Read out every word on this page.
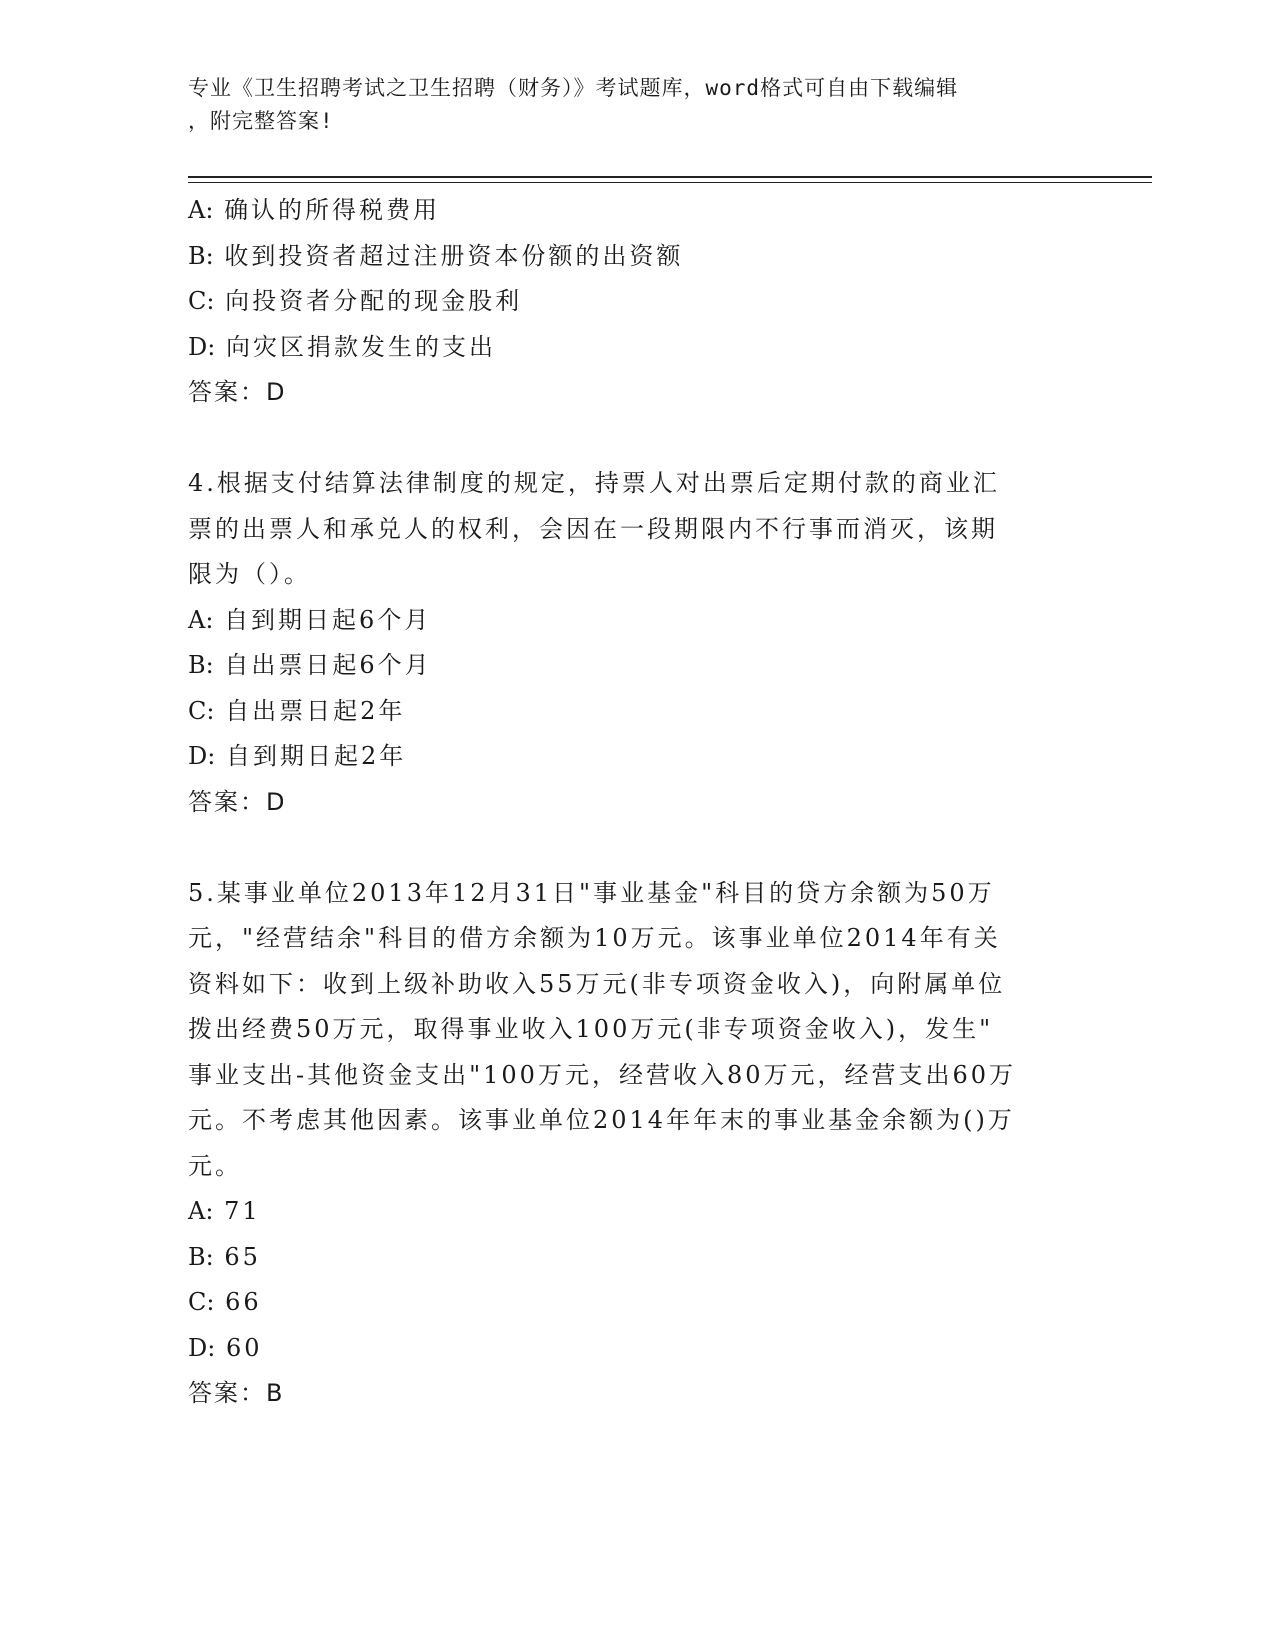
专业《卫生招聘考试之卫生招聘（财务）》考试题库，word格式可自由下载编辑
，附完整答案!
A: 确认的所得税费用
B: 收到投资者超过注册资本份额的出资额
C: 向投资者分配的现金股利
D: 向灾区捐款发生的支出
答案：D
4.根据支付结算法律制度的规定，持票人对出票后定期付款的商业汇
票的出票人和承兑人的权利，会因在一段期限内不行事而消灭，该期
限为（）。
A: 自到期日起6个月
B: 自出票日起6个月
C: 自出票日起2年
D: 自到期日起2年
答案：D
5.某事业单位2013年12月31日"事业基金"科目的贷方余额为50万
元，"经营结余"科目的借方余额为10万元。该事业单位2014年有关
资料如下：收到上级补助收入55万元(非专项资金收入)，向附属单位
拨出经费50万元，取得事业收入100万元(非专项资金收入)，发生"
事业支出-其他资金支出"100万元，经营收入80万元，经营支出60万
元。不考虑其他因素。该事业单位2014年年末的事业基金余额为()万
元。
A: 71
B: 65
C: 66
D: 60
答案：B
